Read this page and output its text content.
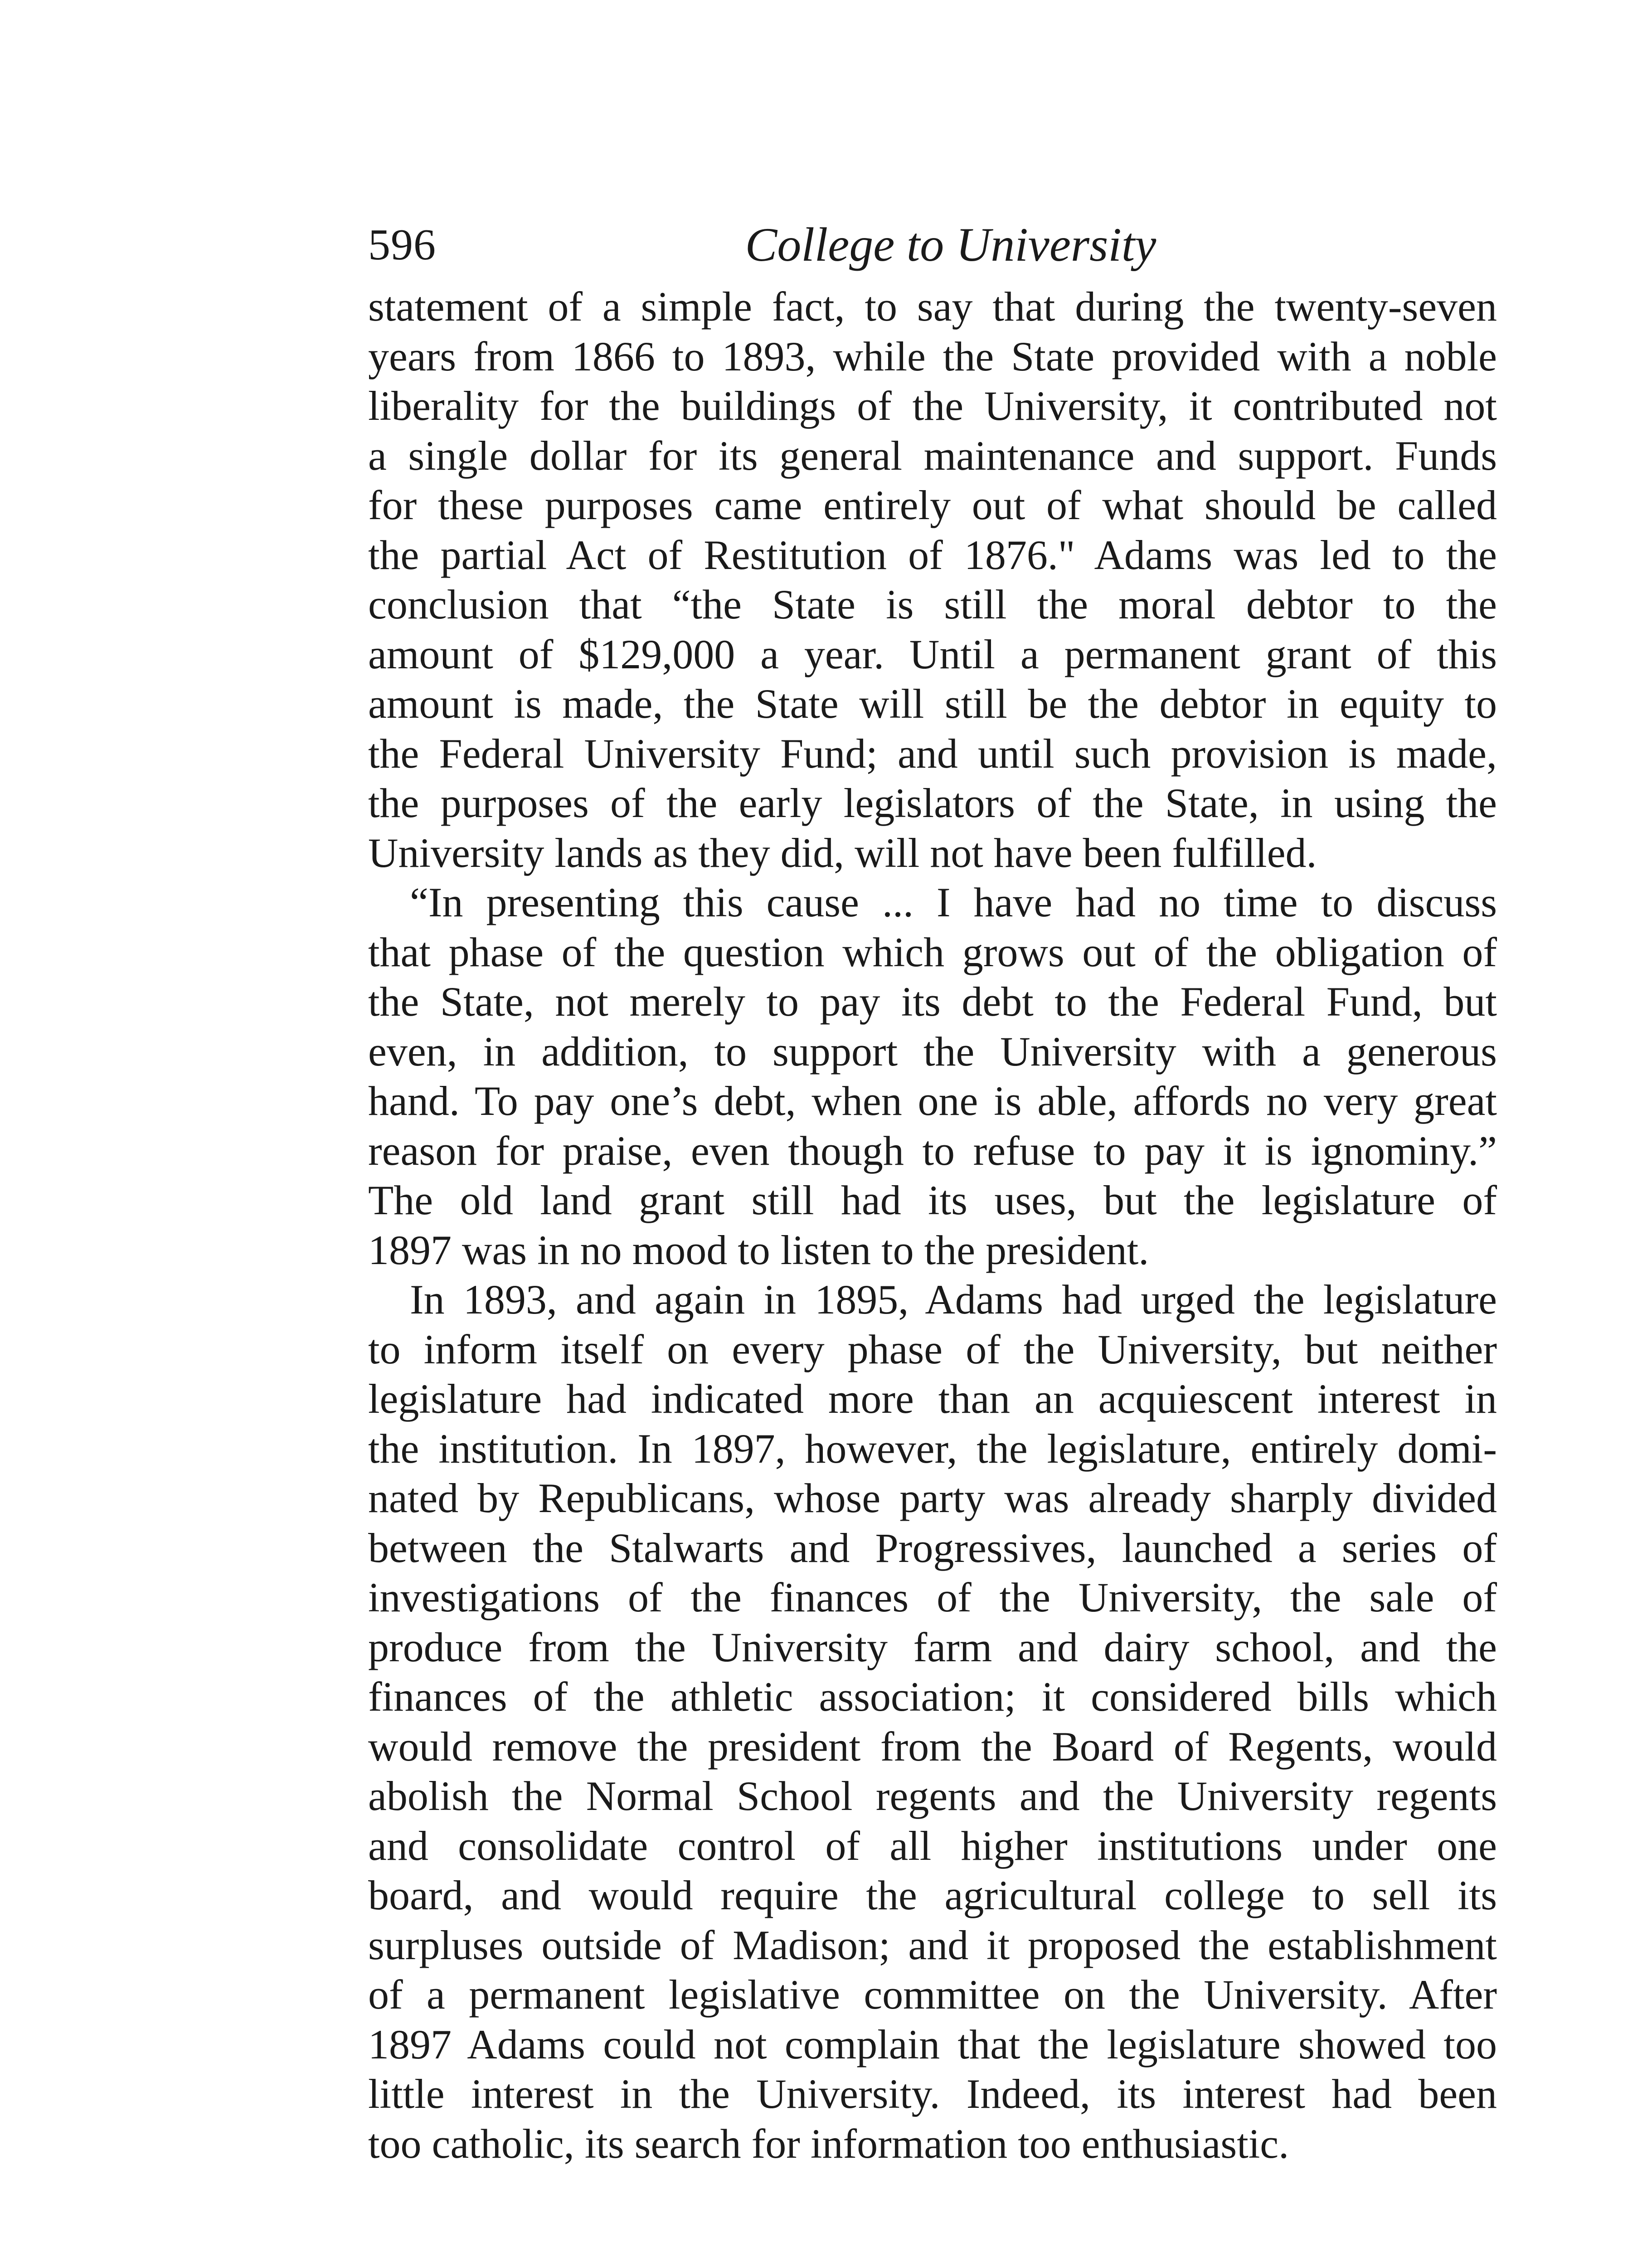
596	College to University
statement of a simple fact, to say that during the twenty-seven
years from 1866 to 1893, while the State provided with a noble
liberality for the buildings of the University, it contributed not
a single dollar for its general maintenance and support. Funds
for these purposes came entirely out of what should be called
the partial Act of Restitution of 1876." Adams was led to the
conclusion that “the State is still the moral debtor to the
amount of $129,000 a year. Until a permanent grant of this
amount is made, the State will still be the debtor in equity to
the Federal University Fund; and until such provision is made,
the purposes of the early legislators of the State, in using the
University lands as they did, will not have been fulfilled.
“In presenting this cause ... I have had no time to discuss
that phase of the question which grows out of the obligation of
the State, not merely to pay its debt to the Federal Fund, but
even, in addition, to support the University with a generous
hand. To pay one’s debt, when one is able, affords no very great
reason for praise, even though to refuse to pay it is ignominy.”
The old land grant still had its uses, but the legislature of
1897 was in no mood to listen to the president.
In 1893, and again in 1895, Adams had urged the legislature
to inform itself on every phase of the University, but neither
legislature had indicated more than an acquiescent interest in
the institution. In 1897, however, the legislature, entirely domi-
nated by Republicans, whose party was already sharply divided
between the Stalwarts and Progressives, launched a series of
investigations of the finances of the University, the sale of
produce from the University farm and dairy school, and the
finances of the athletic association; it considered bills which
would remove the president from the Board of Regents, would
abolish the Normal School regents and the University regents
and consolidate control of all higher institutions under one
board, and would require the agricultural college to sell its
surpluses outside of Madison; and it proposed the establishment
of a permanent legislative committee on the University. After
1897 Adams could not complain that the legislature showed too
little interest in the University. Indeed, its interest had been
too catholic, its search for information too enthusiastic.
